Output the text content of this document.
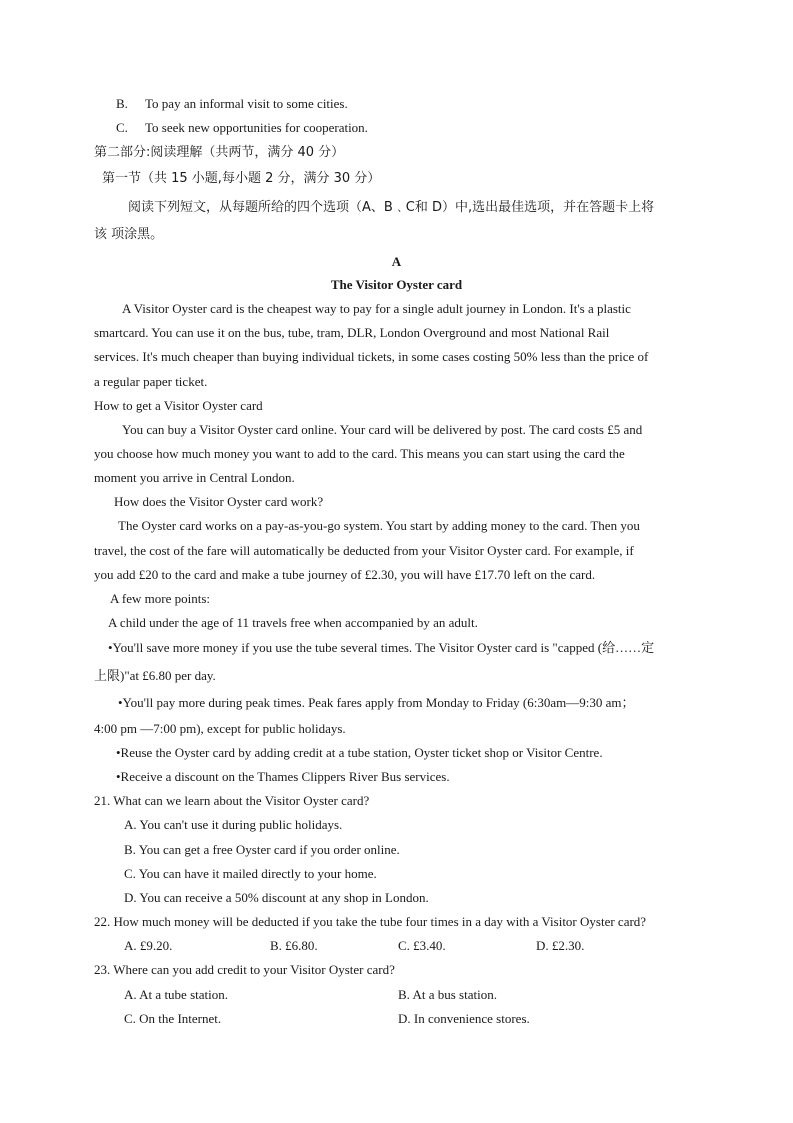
B. To pay an informal visit to some cities.
C. To seek new opportunities for cooperation.
第二部分:阅读理解（共两节，满分 40 分）
第一节（共 15 小题,每小题 2 分，满分 30 分）
阅读下列短文，从每题所给的四个选项（A、B﹑C和 D）中,选出最佳选项，并在答题卡上将
该 项涂黑。
A
The Visitor Oyster card
A Visitor Oyster card is the cheapest way to pay for a single adult journey in London. It's a plastic
smartcard. You can use it on the bus, tube, tram, DLR, London Overground and most National Rail
services. It's much cheaper than buying individual tickets, in some cases costing 50% less than the price of
a regular paper ticket.
How to get a Visitor Oyster card
You can buy a Visitor Oyster card online. Your card will be delivered by post. The card costs £5 and
you choose how much money you want to add to the card. This means you can start using the card the
moment you arrive in Central London.
How does the Visitor Oyster card work?
The Oyster card works on a pay-as-you-go system. You start by adding money to the card. Then you
travel, the cost of the fare will automatically be deducted from your Visitor Oyster card. For example, if
you add £20 to the card and make a tube journey of £2.30, you will have £17.70 left on the card.
A few more points:
A child under the age of 11 travels free when accompanied by an adult.
•You'll save more money if you use the tube several times. The Visitor Oyster card is "capped (给……定
上限)"at £6.80 per day.
•You'll pay more during peak times. Peak fares apply from Monday to Friday (6:30am—9:30 am；
4:00 pm —7:00 pm), except for public holidays.
•Reuse the Oyster card by adding credit at a tube station, Oyster ticket shop or Visitor Centre.
•Receive a discount on the Thames Clippers River Bus services.
21. What can we learn about the Visitor Oyster card?
A. You can't use it during public holidays.
B. You can get a free Oyster card if you order online.
C. You can have it mailed directly to your home.
D. You can receive a 50% discount at any shop in London.
22. How much money will be deducted if you take the tube four times in a day with a Visitor Oyster card?
A. £9.20.	B. £6.80.	C. £3.40.	D. £2.30.
23. Where can you add credit to your Visitor Oyster card?
A. At a tube station.	B. At a bus station.
C. On the Internet.	D. In convenience stores.
